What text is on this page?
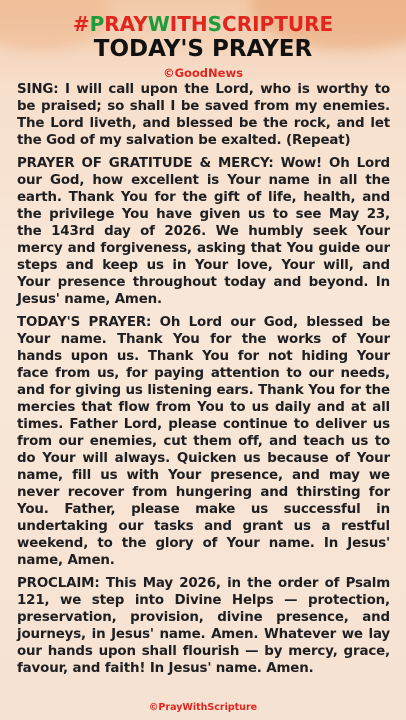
#PRAYWITHSCRIPTURE
TODAY'S PRAYER
©GoodNews

SING: I will call upon the Lord, who is worthy to be praised; so shall I be saved from my enemies. The Lord liveth, and blessed be the rock, and let the God of my salvation be exalted. (Repeat)

PRAYER OF GRATITUDE & MERCY: Wow! Oh Lord our God, how excellent is Your name in all the earth. Thank You for the gift of life, health, and the privilege You have given us to see May 23, the 143rd day of 2026. We humbly seek Your mercy and forgiveness, asking that You guide our steps and keep us in Your love, Your will, and Your presence throughout today and beyond. In Jesus' name, Amen.

TODAY'S PRAYER: Oh Lord our God, blessed be Your name. Thank You for the works of Your hands upon us. Thank You for not hiding Your face from us, for paying attention to our needs, and for giving us listening ears. Thank You for the mercies that flow from You to us daily and at all times. Father Lord, please continue to deliver us from our enemies, cut them off, and teach us to do Your will always. Quicken us because of Your name, fill us with Your presence, and may we never recover from hungering and thirsting for You. Father, please make us successful in undertaking our tasks and grant us a restful weekend, to the glory of Your name. In Jesus' name, Amen.

PROCLAIM: This May 2026, in the order of Psalm 121, we step into Divine Helps — protection, preservation, provision, divine presence, and journeys, in Jesus' name. Amen. Whatever we lay our hands upon shall flourish — by mercy, grace, favour, and faith! In Jesus' name. Amen.

©PrayWithScripture
